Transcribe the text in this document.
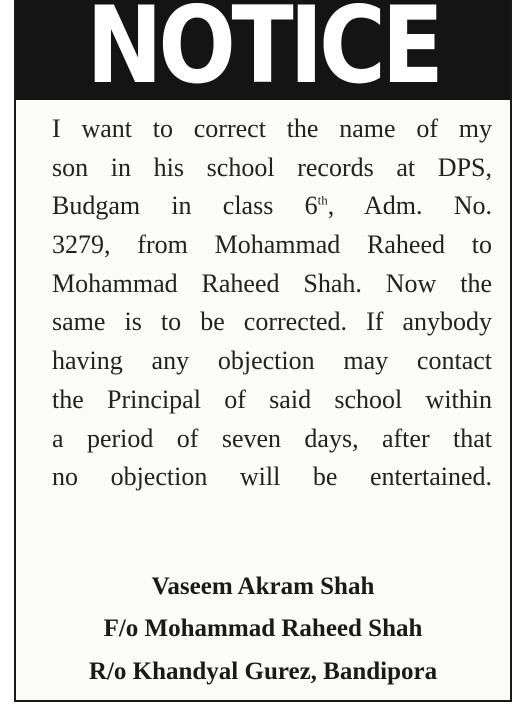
NOTICE
I want to correct the name of my
son in his school records at DPS,
Budgam in class 6th, Adm. No.
3279, from Mohammad Raheed to
Mohammad Raheed Shah. Now the
same is to be corrected. If anybody
having any objection may contact
the Principal of said school within
a period of seven days, after that
no objection will be entertained.
Vaseem Akram Shah
F/o Mohammad Raheed Shah
R/o Khandyal Gurez, Bandipora
